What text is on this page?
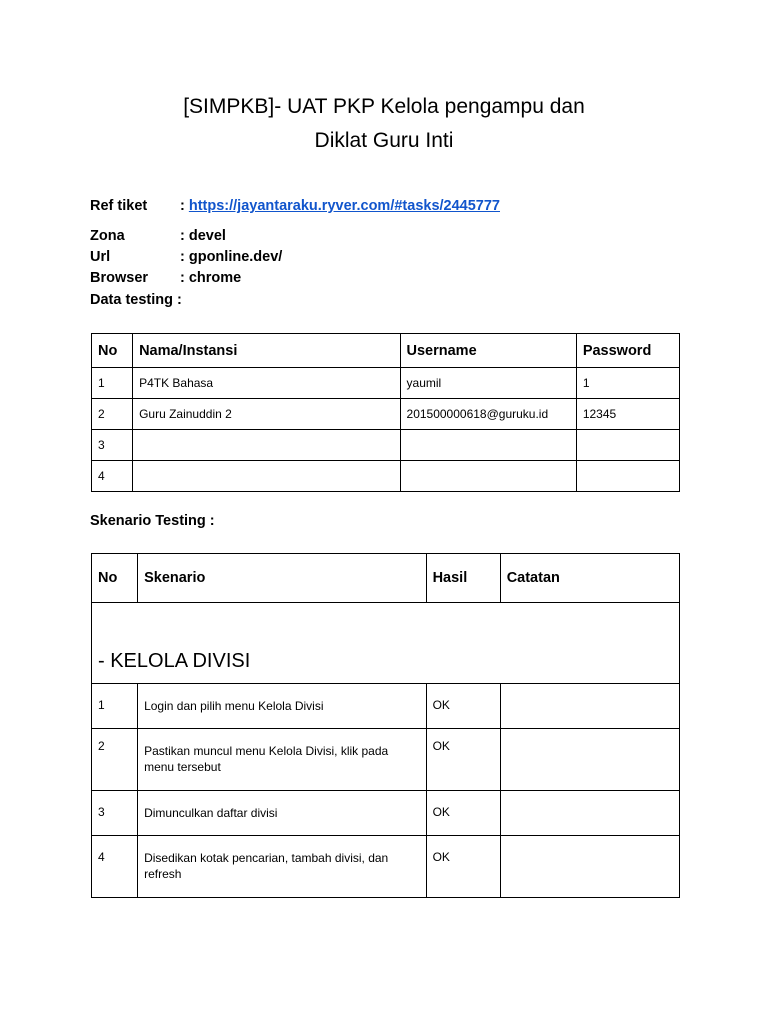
[SIMPKB]- UAT PKP Kelola pengampu dan
Diklat Guru Inti
Ref tiket : https://jayantaraku.ryver.com/#tasks/2445777
Zona	: devel
Url	: gponline.dev/
Browser : chrome
Data testing :
No	Nama/Instansi	Username	Password
1	P4TK Bahasa	yaumil	1
2	Guru Zainuddin 2	201500000618@guruku.id	12345
3			
4			
Skenario Testing :
No	Skenario	Hasil	Catatan
- KELOLA DIVISI			
1	Login dan pilih menu Kelola Divisi	OK	
2	Pastikan muncul menu Kelola Divisi, klik pada menu tersebut	OK	
3	Dimunculkan daftar divisi	OK	
4	Disedikan kotak pencarian, tambah divisi, dan refresh	OK	
